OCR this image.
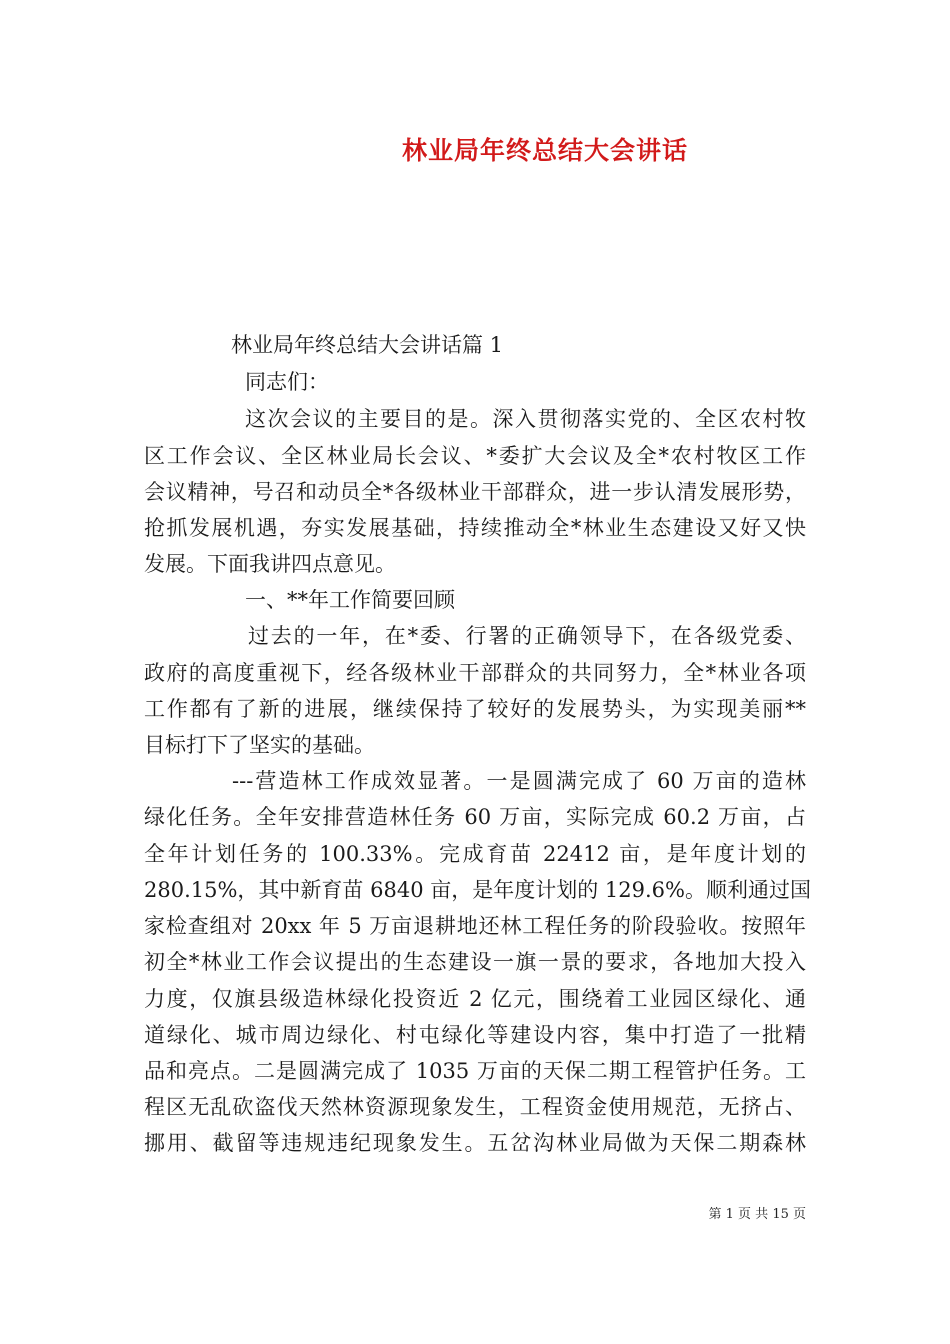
林业局年终总结大会讲话
林业局年终总结大会讲话篇 1
同志们：
这次会议的主要目的是。深入贯彻落实党的、全区农村牧
区工作会议、全区林业局长会议、*委扩大会议及全*农村牧区工作
会议精神，号召和动员全*各级林业干部群众，进一步认清发展形势，
抢抓发展机遇，夯实发展基础，持续推动全*林业生态建设又好又快
发展。下面我讲四点意见。
一、**年工作简要回顾
过去的一年，在*委、行署的正确领导下，在各级党委、
政府的高度重视下，经各级林业干部群众的共同努力，全*林业各项
工作都有了新的进展，继续保持了较好的发展势头，为实现美丽**
目标打下了坚实的基础。
---营造林工作成效显著。一是圆满完成了 60 万亩的造林
绿化任务。全年安排营造林任务 60 万亩，实际完成 60.2 万亩，占
全年计划任务的 100.33%。完成育苗 22412 亩，是年度计划的
280.15%，其中新育苗 6840 亩，是年度计划的 129.6%。顺利通过国
家检查组对 20xx 年 5 万亩退耕地还林工程任务的阶段验收。按照年
初全*林业工作会议提出的生态建设一旗一景的要求，各地加大投入
力度，仅旗县级造林绿化投资近 2 亿元，围绕着工业园区绿化、通
道绿化、城市周边绿化、村屯绿化等建设内容，集中打造了一批精
品和亮点。二是圆满完成了 1035 万亩的天保二期工程管护任务。工
程区无乱砍盗伐天然林资源现象发生，工程资金使用规范，无挤占、
挪用、截留等违规违纪现象发生。五岔沟林业局做为天保二期森林
第 1 页 共 15 页
